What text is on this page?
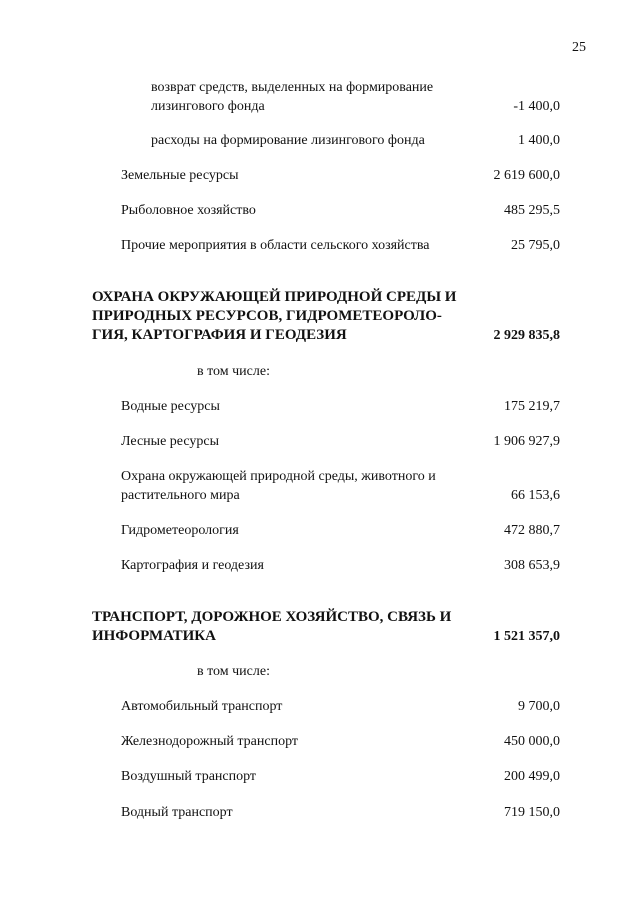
25
возврат средств, выделенных на формирование лизингового фонда	-1 400,0
расходы на формирование лизингового фонда	1 400,0
Земельные ресурсы	2 619 600,0
Рыболовное хозяйство	485 295,5
Прочие мероприятия в области сельского хозяйства	25 795,0
ОХРАНА ОКРУЖАЮЩЕЙ ПРИРОДНОЙ СРЕДЫ И ПРИРОДНЫХ РЕСУРСОВ, ГИДРОМЕТЕОРОЛО-ГИЯ, КАРТОГРАФИЯ И ГЕОДЕЗИЯ	2 929 835,8
в том числе:
Водные ресурсы	175 219,7
Лесные ресурсы	1 906 927,9
Охрана окружающей природной среды, животного и растительного мира	66 153,6
Гидрометеорология	472 880,7
Картография и геодезия	308 653,9
ТРАНСПОРТ, ДОРОЖНОЕ ХОЗЯЙСТВО, СВЯЗЬ И ИНФОРМАТИКА	1 521 357,0
в том числе:
Автомобильный транспорт	9 700,0
Железнодорожный транспорт	450 000,0
Воздушный транспорт	200 499,0
Водный транспорт	719 150,0
